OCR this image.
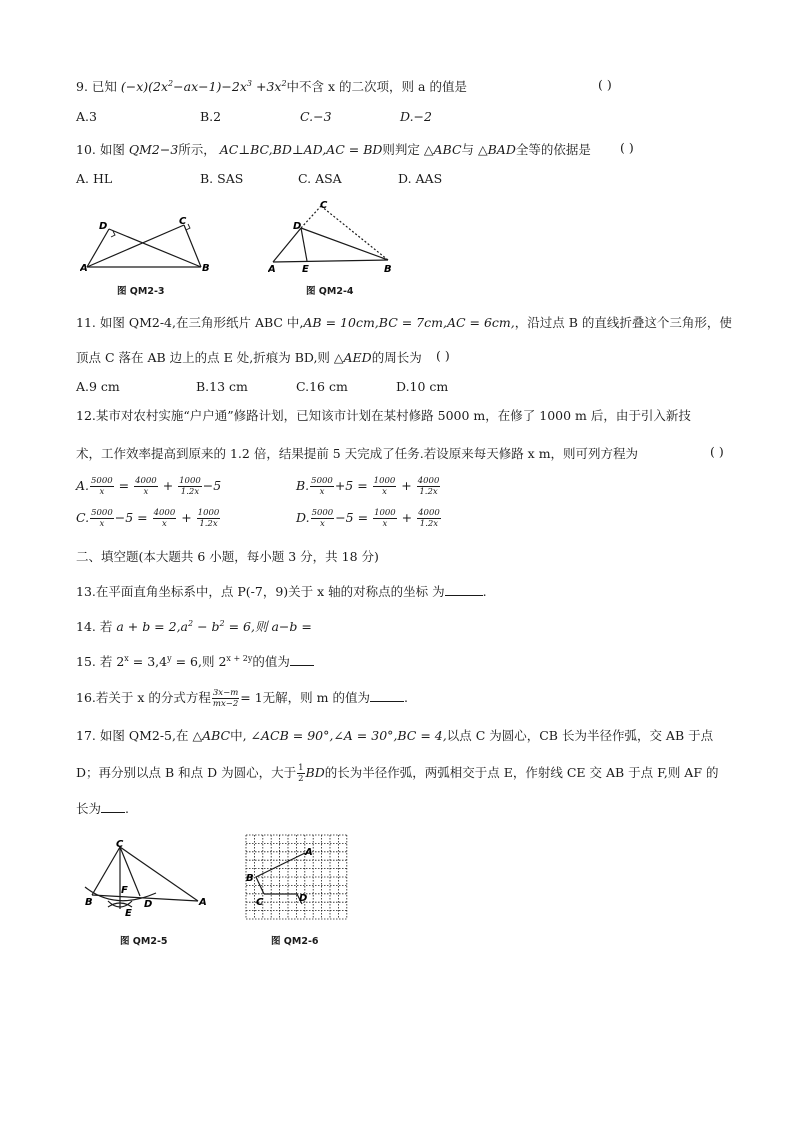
9. 已知 $(-x)(2x^2-ax-1)-2x^3 +3x^2$中不含 x 的二次项，则 a 的值是	( )
A.3	B.2	C.−3	D.−2
10. 如图 QM2−3所示， AC⊥BC,BD⊥AD,AC = BD则判定 △ABC与 △BAD全等的依据是 ( )
A. HL	B. SAS	C. ASA	D. AAS
A	B
D	C
图 QM2-3
A	E	B
D
C
图 QM2-4
11. 如图 QM2-4,在三角形纸片 ABC 中,AB = 10cm,BC = 7cm,AC = 6cm,，沿过点 B 的直线折叠这个三角形，使
顶点 C 落在 AB 边上的点 E 处,折痕为 BD,则 △AED的周长为 ( )
A.9 cm	B.13 cm	C.16 cm	D.10 cm
12.某市对农村实施“户户通”修路计划，已知该市计划在某村修路 5000 m，在修了 1000 m 后，由于引入新技
术，工作效率提高到原来的 1.2 倍，结果提前 5 天完成了任务.若设原来每天修路 x m，则可列方程为	( )
A. $\frac{5000}{x} = \frac{4000}{x} + \frac{1000}{1.2x} -5$	B. $\frac{5000}{x} +5 = \frac{1000}{x} + \frac{4000}{1.2x}$
C. $\frac{5000}{x} -5 = \frac{4000}{x} + \frac{1000}{1.2x}$	D. $\frac{5000}{x} -5 = \frac{1000}{x} + \frac{4000}{1.2x}$
二、填空题(本大题共 6 小题，每小题 3 分，共 18 分)
13.在平面直角坐标系中，点 P(-7，9)关于 x 轴的对称点的坐标 为	.
14. 若 $a + b = 2,a^2 - b^2 = 6$,则 a−b =
15. 若 $2^x = 3,4^y = 6$,则 $2^{x + 2y}$的值为
16.若关于 x 的分式方程 $\frac{3x-m}{mx-2} = 1$无解，则 m 的值为	.
17. 如图 QM2-5,在 △ABC中, ∠ACB = 90°,∠A = 30°,BC = 4,以点 C 为圆心，CB 长为半径作弧，交 AB 于点
D；再分别以点 B 和点 D 为圆心，大于 $\frac{1}{2}$ BD的长为半径作弧，两弧相交于点 E，作射线 CE 交 AB 于点 F,则 AF 的
长为 .
C
B
F
E
D	A
图 QM2-5
B
A
C	D
图 QM2-6
